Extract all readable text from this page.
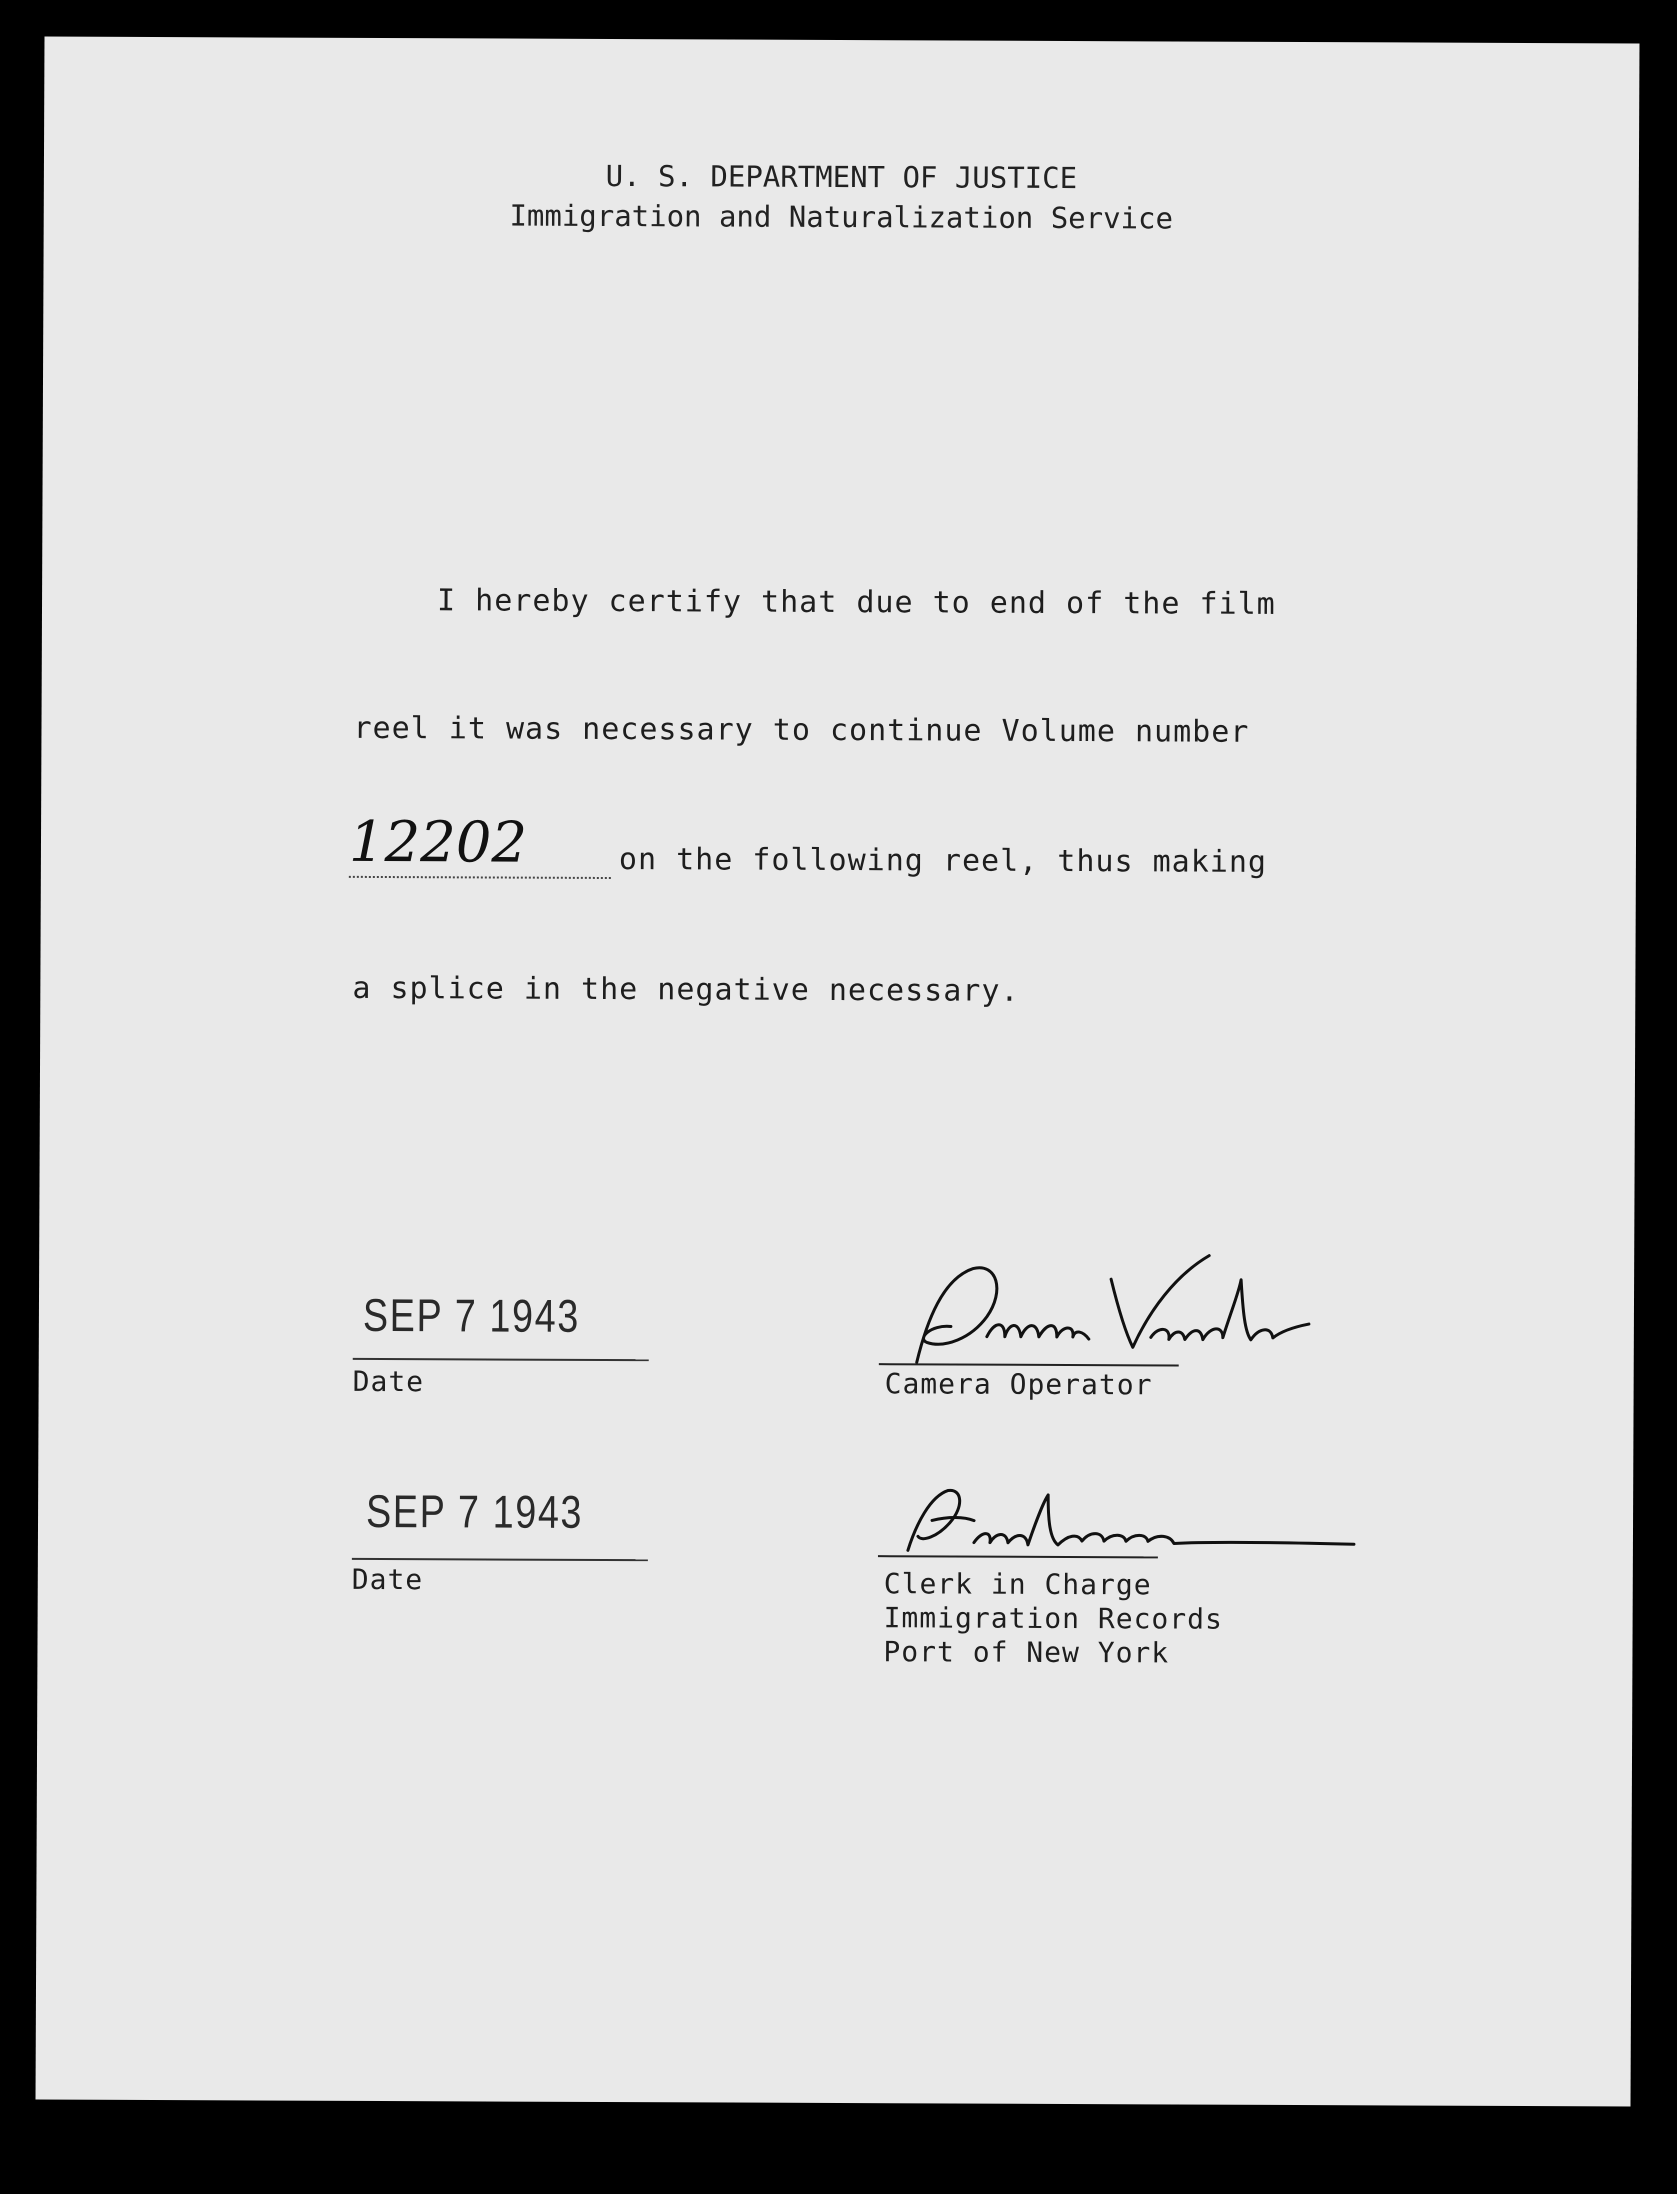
U. S. DEPARTMENT OF JUSTICE
Immigration and Naturalization Service
I hereby certify that due to end of the film
reel it was necessary to continue Volume number
12202	on the following reel, thus making
a splice in the negative necessary.
SEP 7 1943
Date	Camera Operator
SEP 7 1943
Date	Clerk in Charge
Immigration Records
Port of New York
